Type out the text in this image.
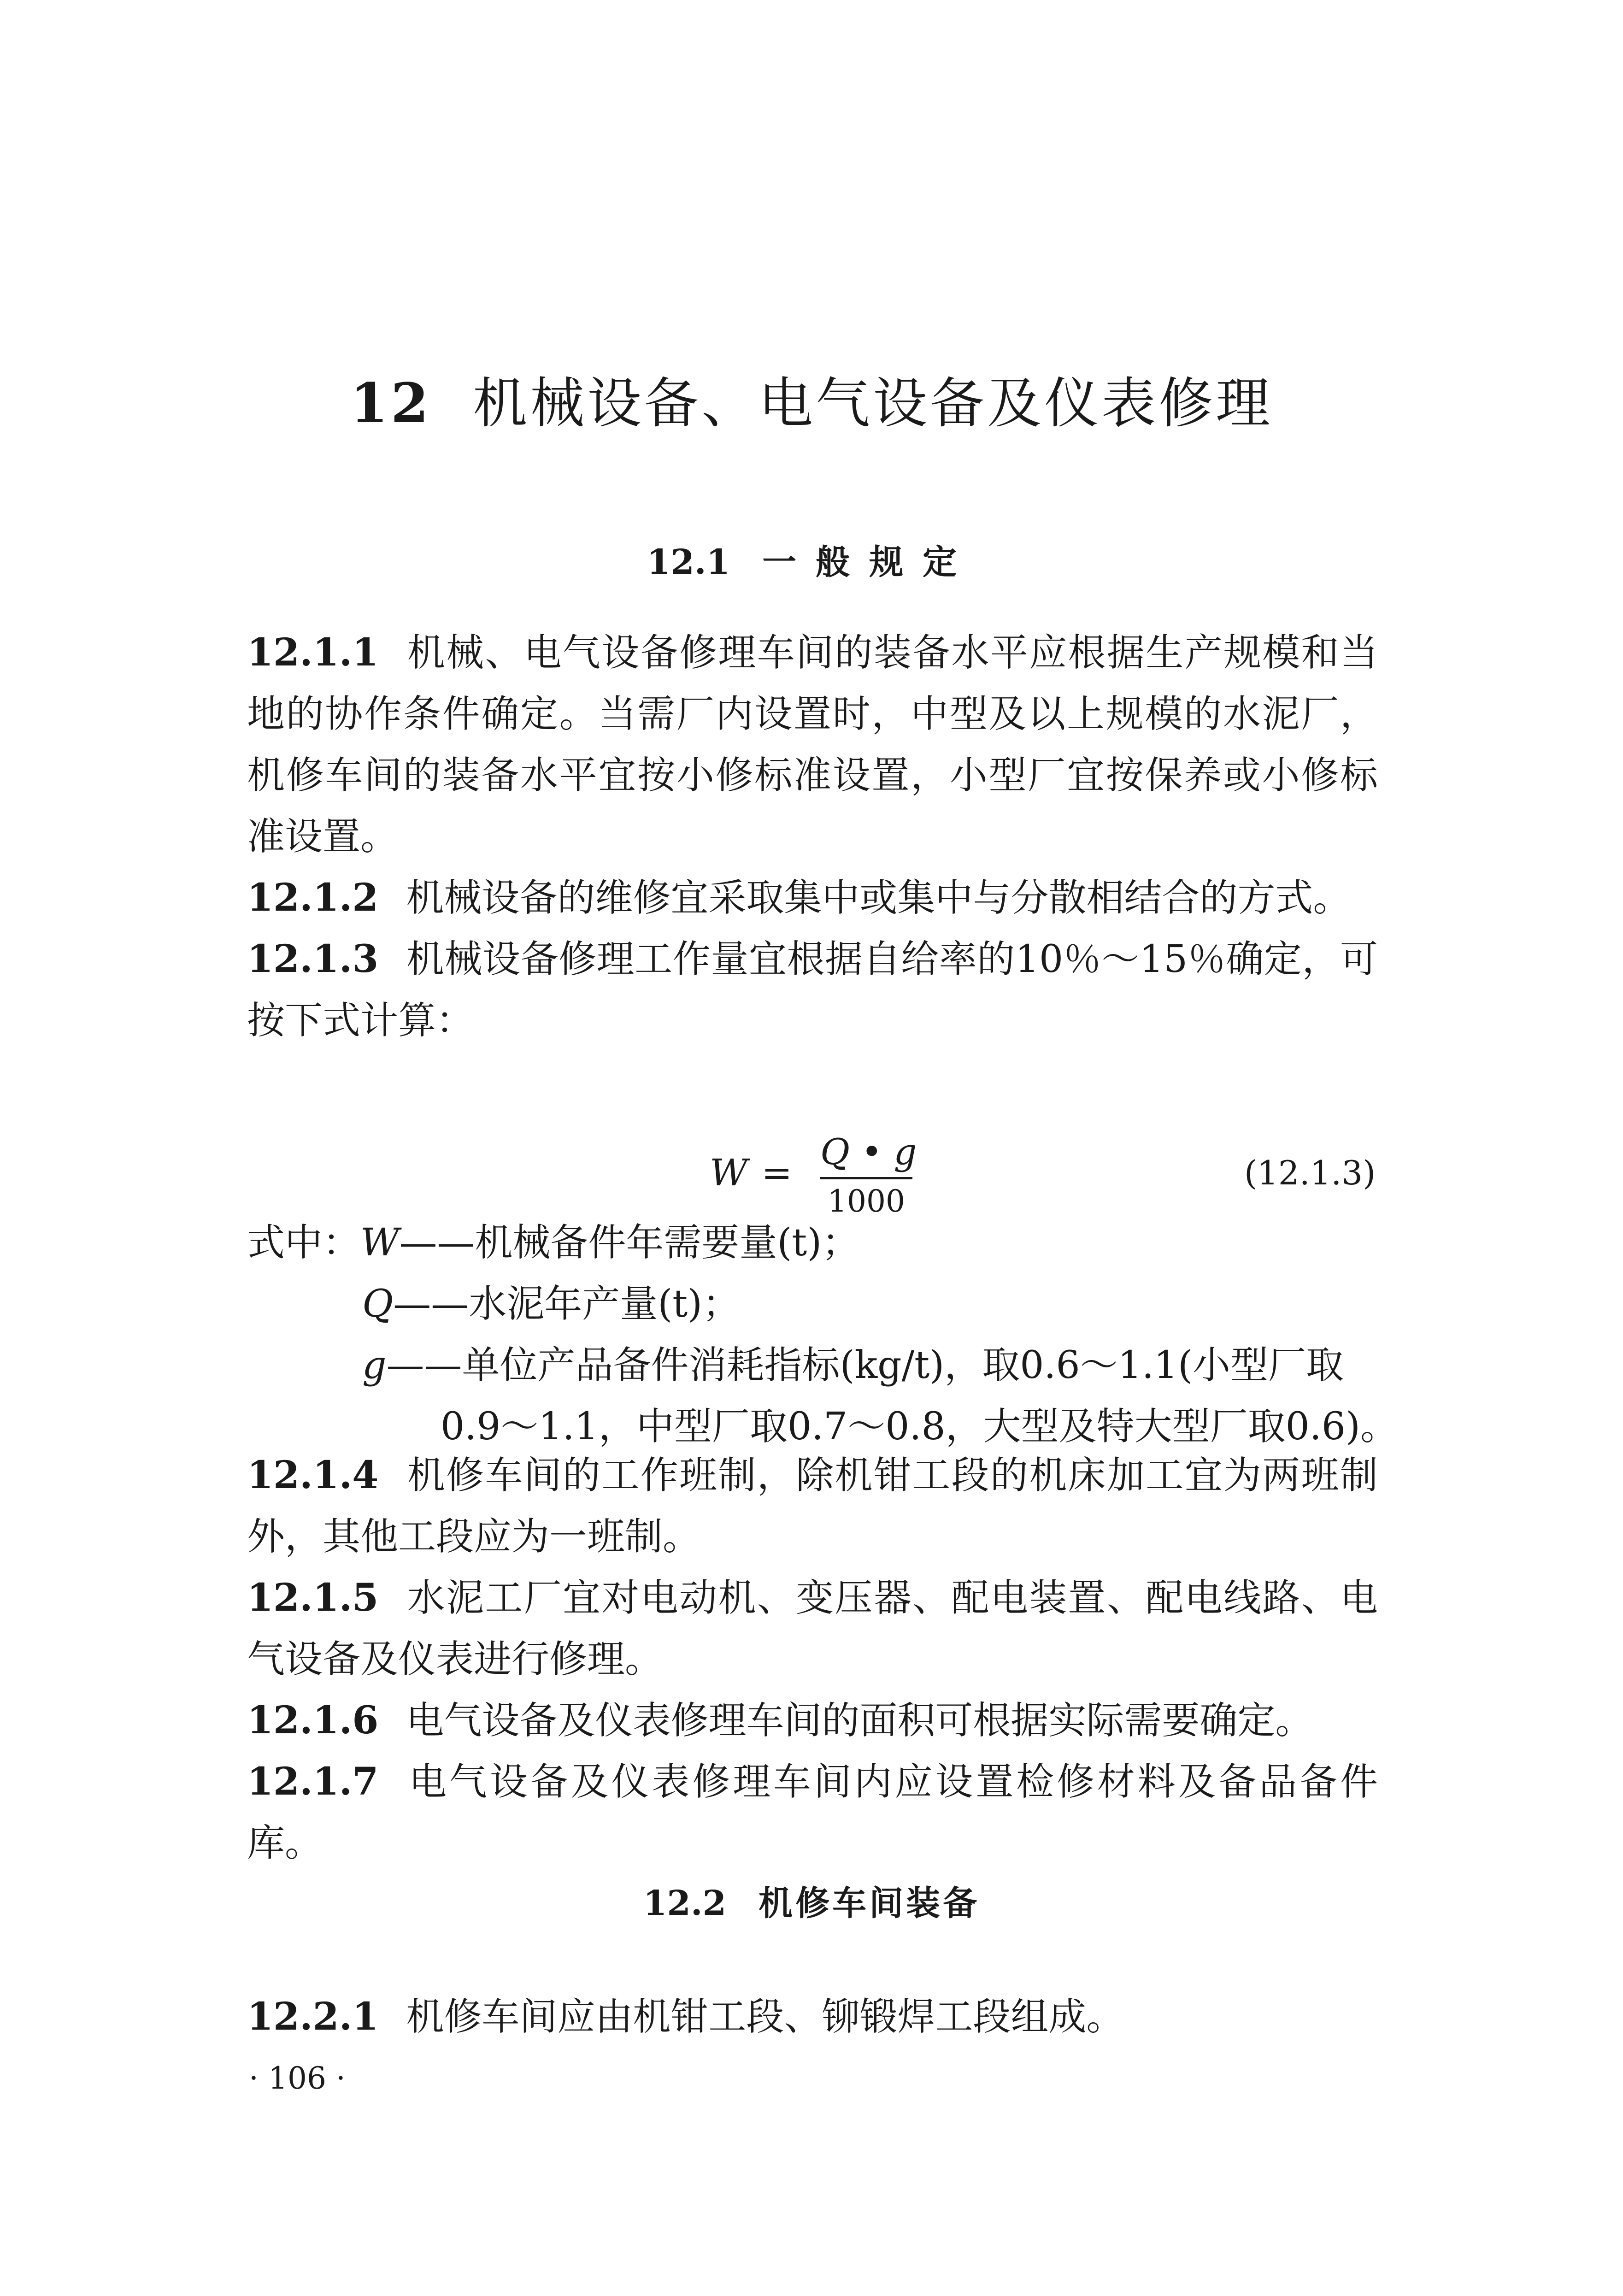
12 机械设备、电气设备及仪表修理
12.1 一般规定

12.1.1 机械、电气设备修理车间的装备水平应根据生产规模和当地的协作条件确定。当需厂内设置时，中型及以上规模的水泥厂，机修车间的装备水平宜按小修标准设置，小型厂宜按保养或小修标准设置。

12.1.2 机械设备的维修宜采取集中或集中与分散相结合的方式。

12.1.3 机械设备修理工作量宜根据自给率的10％～15％确定，可按下式计算：

W = Q • g
1000
(12.1.3)
式中：W——机械备件年需要量(t)；
Q——水泥年产量(t)；
g——单位产品备件消耗指标(kg/t)，取0.6～1.1(小型厂取
0.9～1.1，中型厂取0.7～0.8，大型及特大型厂取0.6)。

12.1.4 机修车间的工作班制，除机钳工段的机床加工宜为两班制外，其他工段应为一班制。

12.1.5 水泥工厂宜对电动机、变压器、配电装置、配电线路、电气设备及仪表进行修理。

12.1.6 电气设备及仪表修理车间的面积可根据实际需要确定。

12.1.7 电气设备及仪表修理车间内应设置检修材料及备品备件库。

12.2 机修车间装备

12.2.1 机修车间应由机钳工段、铆锻焊工段组成。

· 106 ·
